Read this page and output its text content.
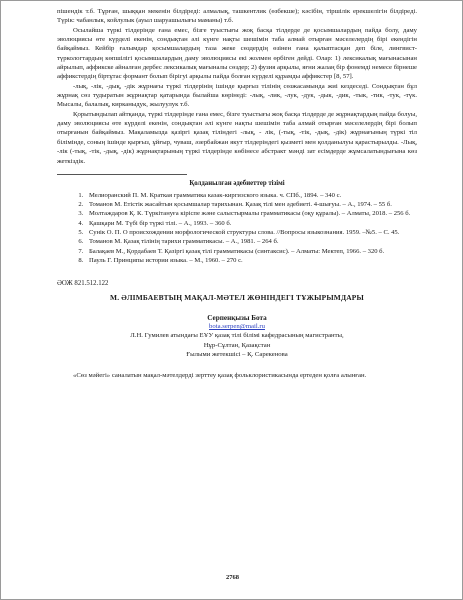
пішендік т.б. Тұрған, шыққан мекенін білдіреді: алмалық, ташкентлик (өзбекше); кәсібін, тіршілік ерекшелігін білдіреді. Түрік: чабанлык, койлулык (ауыл шаруашылығы маманы) т.б.

Осылайша түркі тілдерінде ғана емес, бізге туыстығы жоқ басқа тілдерде де қосымшалардың пайда болу, даму эволюциясы өте күрделі екенін, сондықтан әлі күнге нақты шешімін таба алмай отырған мәселелердің бірі екендігін байқаймыз. Кейбір ғалымдар қосымшалардың таза жеке сөздердің өзінен ғана қалыптасқан деп біле, лингвист-түркологтардың көпшілігі қосымшалардың даму эволюциясы екі жолмен өрбіген дейді. Олар: 1) лексикалық мағынасынан айрылып, аффикске айналған дербес лексикалық мағыналы сөздер; 2) фузия арқылы, яғни жалаң бір фонемді немесе бірнеше аффикстердің біртұтас формант болып бірігуі арқылы пайда болған күрделі құрамды аффикстер [8, 57].

-лық, -лік, -дық, -дік жұрнағы түркі тілдерінің ішінде қырғыз тілінің сөзжасамында жиі кездеседі. Сондықтан бұл жұрнақ сөз тудыратын жұрнақтар қатарында былайша көрінеді: -лық, -лик, -лук, -дук, -дык, -дик, -тык, -тик, -тук, -түк. Мысалы, балалық, кирканыдук, жылуулук т.б.

Қорытындылап айтқанда, түркі тілдерінде ғана емес, бізге туыстығы жоқ басқа тілдерде де жұрнақтардың пайда болуы, даму эволюциясы өте күрделі екенін, сондықтан әлі күнге нақты шешімін таба алмай отырған мәселелердің бірі болып отырғанын байқаймыз. Мақаламызда қазіргі қазақ тіліндегі -лық, - лік, (-тық, -тік, -дық, -дік) жұрнағының түркі тіл білімінде, соның ішінде қырғыз, ұйғыр, чуваш, әзербайжан якут тілдеріндегі қызметі мен қолданылуы қарастырылды. -Лық, -лік (-тық, -тік, -дық, -дік) жұрнақтарының түркі тілдерінде көбінесе абстракт мәнді зат есімдерде жұмсалатындығына көз жеткіздік.

Қолданылған әдебиеттер тізімі
1. Мелиоранский П. М. Краткая грамматика казак-киргизского языка. ч. СПб., 1894. – 340 с.
2. Томанов М. Етістік жасайтын қосымшалар тарихынан. Қазақ тілі мен әдебиеті. 4-шығуы. – А., 1974. – 55 б.
3. Молтаждаров Қ. К. Түркітануға кіріспе және салыстырмалы грамматикасы (оқу құралы). – Алматы, 2018. – 256 б.
4. Қашқари М. Түбі бір түркі тілі. – А., 1993. – 360 б.
5. Сунік О. П. О происхождении морфологической структуры слова. //Вопросы языкознания. 1959. –№5. – С. 45.
6. Томанов М. Қазақ тілінің тарихи грамматикасы. – А., 1981. – 264 б.
7. Балақаев М., Қордабаев Т. Қазіргі қазақ тілі грамматикасы (синтаксис). – Алматы: Мектеп, 1966. – 320 б.
8. Пауль Г. Принципы истории языка. – М., 1960. – 270 с.
ӘОЖ 821.512.122
М. ӘЛІМБАЕВТЫҢ МАҚАЛ-МӘТЕЛ ЖӨНІНДЕГІ ТҰЖЫРЫМДАРЫ
Серпенқызы Бота
bota.serpen@mail.ru
Л.Н. Гумилев атындағы ЕҰУ қазақ тілі білімі кафедрасының магистранты,
Нұр-Сұлтан, Қазақстан
Ғылыми жетекшісі – Қ. Сарекенова

«Сөз мәйегі» саналатын мақал-мәтелдерді зерттеу қазақ фольклористикасында ертеден қолға алынған.

2768
